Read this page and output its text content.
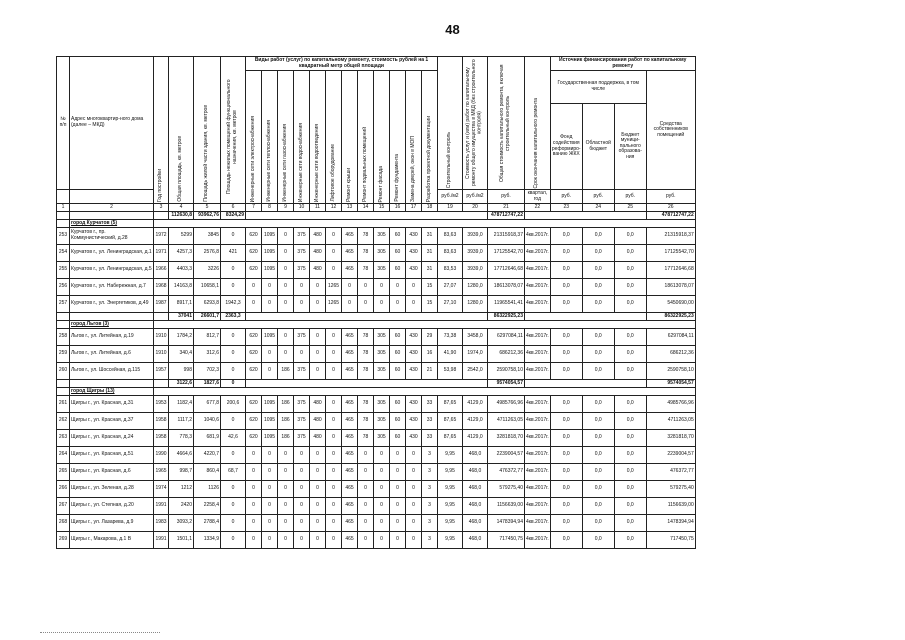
48
№ п/п	Адрес многоквартир-ного дома (далее – МКД)	Год постройки	Общая площадь, кв. метров	Площадь жилой части здания, кв. метров	Площадь нежилых помещений функционального назначения, кв. метров	Виды работ (услуг) по капитальному ремонту, стоимость рублей на 1 квадратный метр общей площади												Строительный контроль	Стоимость услуг и (или) работ по капитальному ремонту общего имущества в МКД (без строительного контроля)	Общая стоимость капитального ремонта, включая строительный контроль	Срок окончания капитального ремонта	Источник финансирования работ по капитальному ремонту			

						Инженерные сети электроснабжения	Инженерные сети теплоснабжения	Инженерные сети газоснабжения	Инженерные сети водоснабжения	Инженерные сети водоотведения	Лифтовое оборудование	Ремонт крыши	Ремонт подвальных помещений	Ремонт фасада	Ремонт фундамента	Замена дверей, окон в МОП	Разработка проектной документации					Государственная поддержка, в том числе			Средства собственников помещений
																						Фонд содействия реформиро-ванию ЖКХ	Областной бюджет	Бюджет муници-пального образова-ния	
																		руб./м2	руб./м2	руб.	квартал, год	руб.	руб.	руб.	руб.
1	2	3	4	5	6	7	8	9	10	11	12	13	14	15	16	17	18	19	20	21	22	23	24	25	26
			112630,8	93962,76	8324,29															478712747,22					478712747,22
	город Курчатов (5)																								
253	Курчатов г., пр. Коммунистический, д.28	1972	5299	3845	0	620	1095	0	375	480	0	465	78	305	60	430	31	83,63	3939,0	21315918,37	4кв.2017г.	0,0	0,0	0,0	21315918,37
254	Курчатов г., ул. Ленинградская, д.1	1971	4257,3	2576,8	421	620	1095	0	375	480	0	465	78	305	60	430	31	83,63	3939,0	17125542,70	4кв.2017г.	0,0	0,0	0,0	17125542,70
255	Курчатов г., ул. Ленинградская, д.5	1966	4403,3	3226	0	620	1095	0	375	480	0	465	78	305	60	430	31	83,53	3939,0	17712646,68	4кв.2017г.	0,0	0,0	0,0	17712646,68
256	Курчатов г., ул. Набережная, д.7	1968	14163,8	10658,1	0	0	0	0	0	0	1265	0	0	0	0	0	15	27,07	1280,0	18613078,07	4кв.2017г.	0,0	0,0	0,0	18613078,07
257	Курчатов г., ул. Энергетиков, д.49	1987	8917,1	6293,8	1942,3	0	0	0	0	0	1265	0	0	0	0	0	15	27,10	1280,0	11965541,41	4кв.2017г.	0,0	0,0	0,0	5450690,00
			37041	26601,7	2363,3															86322925,23					86322925,23
	город Льгов (3)																								
258	Льгов г., ул. Литейная, д.19	1910	1784,2	812,7	0	620	1095	0	375	0	0	465	78	305	60	430	29	73,38	3458,0	6297084,11	4кв.2017г.	0,0	0,0	0,0	6297084,11
259	Льгов г., ул. Литейная, д.6	1910	340,4	312,6	0	620	0	0	0	0	0	465	78	305	60	430	16	41,90	1974,0	686212,36	4кв.2017г.	0,0	0,0	0,0	686212,36
260	Льгов г., ул. Шоссейная, д.115	1957	998	702,3	0	620	0	186	375	0	0	465	78	305	60	430	21	53,98	2542,0	2590758,10	4кв.2017г.	0,0	0,0	0,0	2590758,10
			3122,6	1827,6	0															9574054,57					9574054,57
	город Щигры (13)																								
261	Щигры г., ул. Красная, д.31	1953	1182,4	677,8	200,6	620	1095	186	375	480	0	465	78	305	60	430	33	87,65	4129,0	4985766,96	4кв.2017г.	0,0	0,0	0,0	4985766,96
262	Щигры г., ул. Красная, д.37	1958	1117,2	1040,6	0	620	1095	186	375	480	0	465	78	305	60	430	33	87,65	4129,0	4711263,05	4кв.2017г.	0,0	0,0	0,0	4711263,05
263	Щигры г., ул. Красная, д.24	1958	778,3	681,9	42,6	620	1095	186	375	480	0	465	78	305	60	430	33	87,65	4129,0	3281818,70	4кв.2017г.	0,0	0,0	0,0	3281818,70
264	Щигры г., ул. Красная, д.51	1990	4664,6	4220,7	0	0	0	0	0	0	0	465	0	0	0	0	3	9,95	468,0	2239004,57	4кв.2017г.	0,0	0,0	0,0	2239004,57
265	Щигры г., ул. Красная, д.6	1965	998,7	860,4	68,7	0	0	0	0	0	0	465	0	0	0	0	3	9,95	468,0	476372,77	4кв.2017г.	0,0	0,0	0,0	476372,77
266	Щигры г., ул. Зеленая, д.28	1974	1212	1126	0	0	0	0	0	0	0	465	0	0	0	0	3	9,95	468,0	579275,40	4кв.2017г.	0,0	0,0	0,0	579275,40
267	Щигры г., ул. Степная, д.20	1991	2420	2258,4	0	0	0	0	0	0	0	465	0	0	0	0	3	9,95	468,0	1156639,00	4кв.2017г.	0,0	0,0	0,0	1156639,00
268	Щигры г., ул. Лазарева, д.9	1983	3093,2	2788,4	0	0	0	0	0	0	0	465	0	0	0	0	3	9,95	468,0	1478394,94	4кв.2017г.	0,0	0,0	0,0	1478394,94
269	Щигры г., Макарова, д.1 В	1991	1501,1	1334,9	0	0	0	0	0	0	0	465	0	0	0	0	3	9,95	468,0	717450,75	4кв.2017г.	0,0	0,0	0,0	717450,75
